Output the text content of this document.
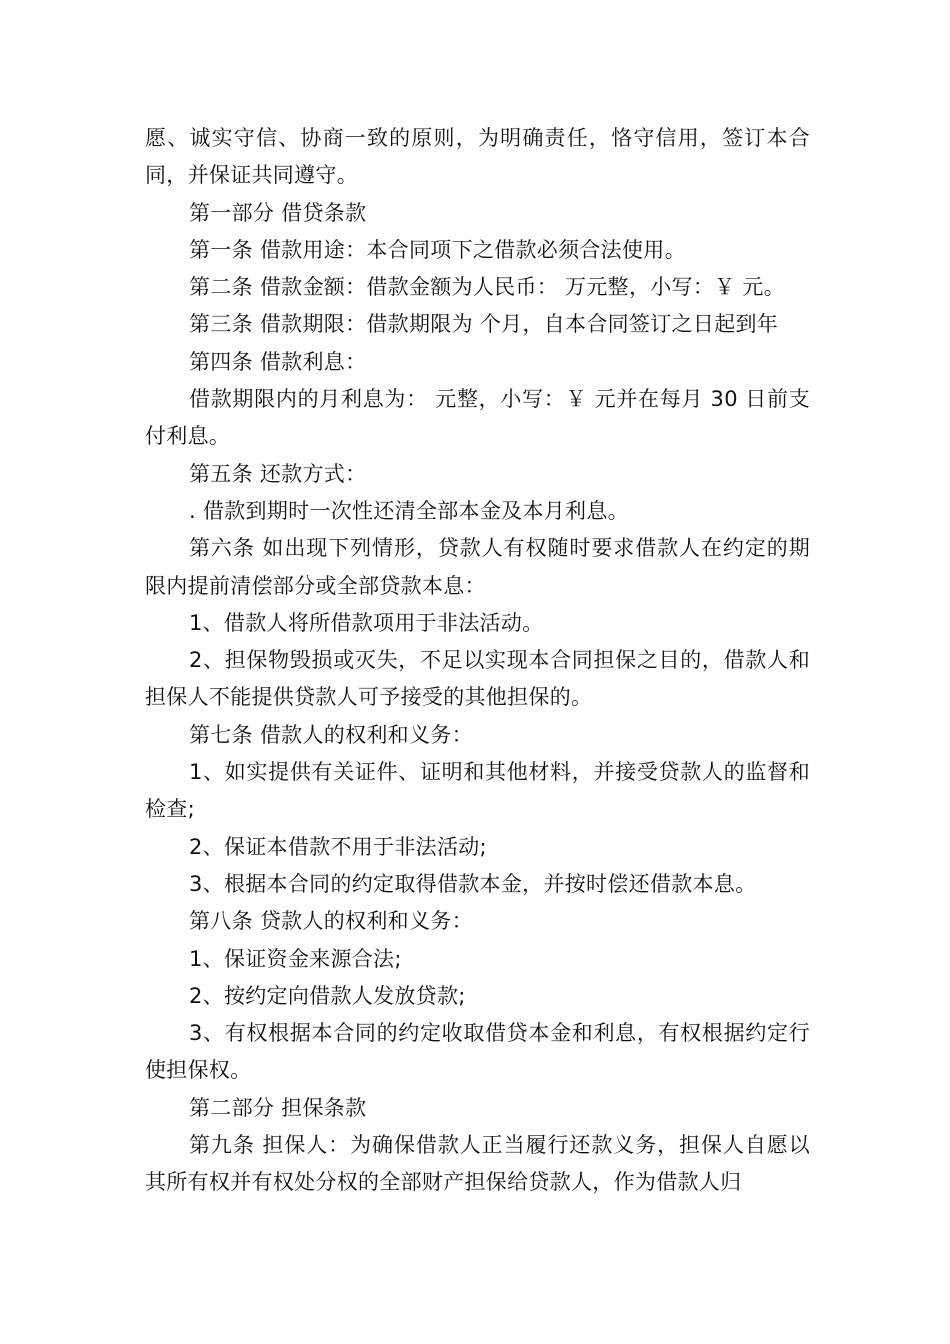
愿、诚实守信、协商一致的原则，为明确责任，恪守信用，签订本合同，并保证共同遵守。

第一部分 借贷条款

第一条 借款用途：本合同项下之借款必须合法使用。

第二条 借款金额：借款金额为人民币： 万元整，小写：￥ 元。

第三条 借款期限：借款期限为 个月，自本合同签订之日起到年

第四条 借款利息：

借款期限内的月利息为： 元整，小写：￥ 元并在每月 30 日前支付利息。

第五条 还款方式：

. 借款到期时一次性还清全部本金及本月利息。

第六条 如出现下列情形，贷款人有权随时要求借款人在约定的期限内提前清偿部分或全部贷款本息：

1、借款人将所借款项用于非法活动。

2、担保物毁损或灭失，不足以实现本合同担保之目的，借款人和担保人不能提供贷款人可予接受的其他担保的。

第七条 借款人的权利和义务：

1、如实提供有关证件、证明和其他材料，并接受贷款人的监督和检查;

2、保证本借款不用于非法活动;

3、根据本合同的约定取得借款本金，并按时偿还借款本息。

第八条 贷款人的权利和义务：

1、保证资金来源合法;

2、按约定向借款人发放贷款;

3、有权根据本合同的约定收取借贷本金和利息，有权根据约定行使担保权。

第二部分 担保条款

第九条 担保人：为确保借款人正当履行还款义务，担保人自愿以其所有权并有权处分权的全部财产担保给贷款人，作为借款人归
